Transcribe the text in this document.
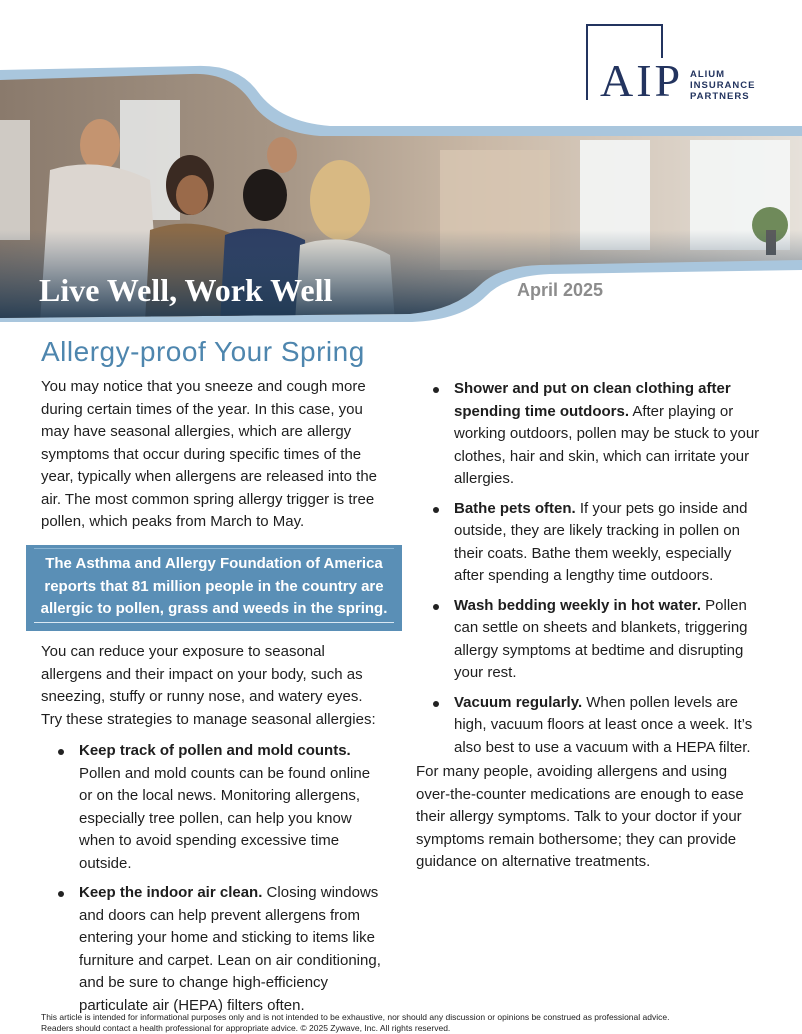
AIP ALIUM
INSURANCE
PARTNERS
Live Well, Work Well	April 2025
Allergy-proof Your Spring

You may notice that you sneeze and cough more during certain times of the year. In this case, you may have seasonal allergies, which are allergy symptoms that occur during specific times of the year, typically when allergens are released into the air. The most common spring allergy trigger is tree pollen, which peaks from March to May.

The Asthma and Allergy Foundation of America reports that 81 million people in the country are allergic to pollen, grass and weeds in the spring.

You can reduce your exposure to seasonal allergens and their impact on your body, such as sneezing, stuffy or runny nose, and watery eyes. Try these strategies to manage seasonal allergies:

Keep track of pollen and mold counts. Pollen and mold counts can be found online or on the local news. Monitoring allergens, especially tree pollen, can help you know when to avoid spending excessive time outside.
Keep the indoor air clean. Closing windows and doors can help prevent allergens from entering your home and sticking to items like furniture and carpet. Lean on air conditioning, and be sure to change high-efficiency particulate air (HEPA) filters often.
Shower and put on clean clothing after spending time outdoors. After playing or working outdoors, pollen may be stuck to your clothes, hair and skin, which can irritate your allergies.
Bathe pets often. If your pets go inside and outside, they are likely tracking in pollen on their coats. Bathe them weekly, especially after spending a lengthy time outdoors.
Wash bedding weekly in hot water. Pollen can settle on sheets and blankets, triggering allergy symptoms at bedtime and disrupting your rest.
Vacuum regularly. When pollen levels are high, vacuum floors at least once a week. It’s also best to use a vacuum with a HEPA filter.

For many people, avoiding allergens and using over-the-counter medications are enough to ease their allergy symptoms. Talk to your doctor if your symptoms remain bothersome; they can provide guidance on alternative treatments.

This article is intended for informational purposes only and is not intended to be exhaustive, nor should any discussion or opinions be construed as professional advice.
Readers should contact a health professional for appropriate advice. © 2025 Zywave, Inc. All rights reserved.
